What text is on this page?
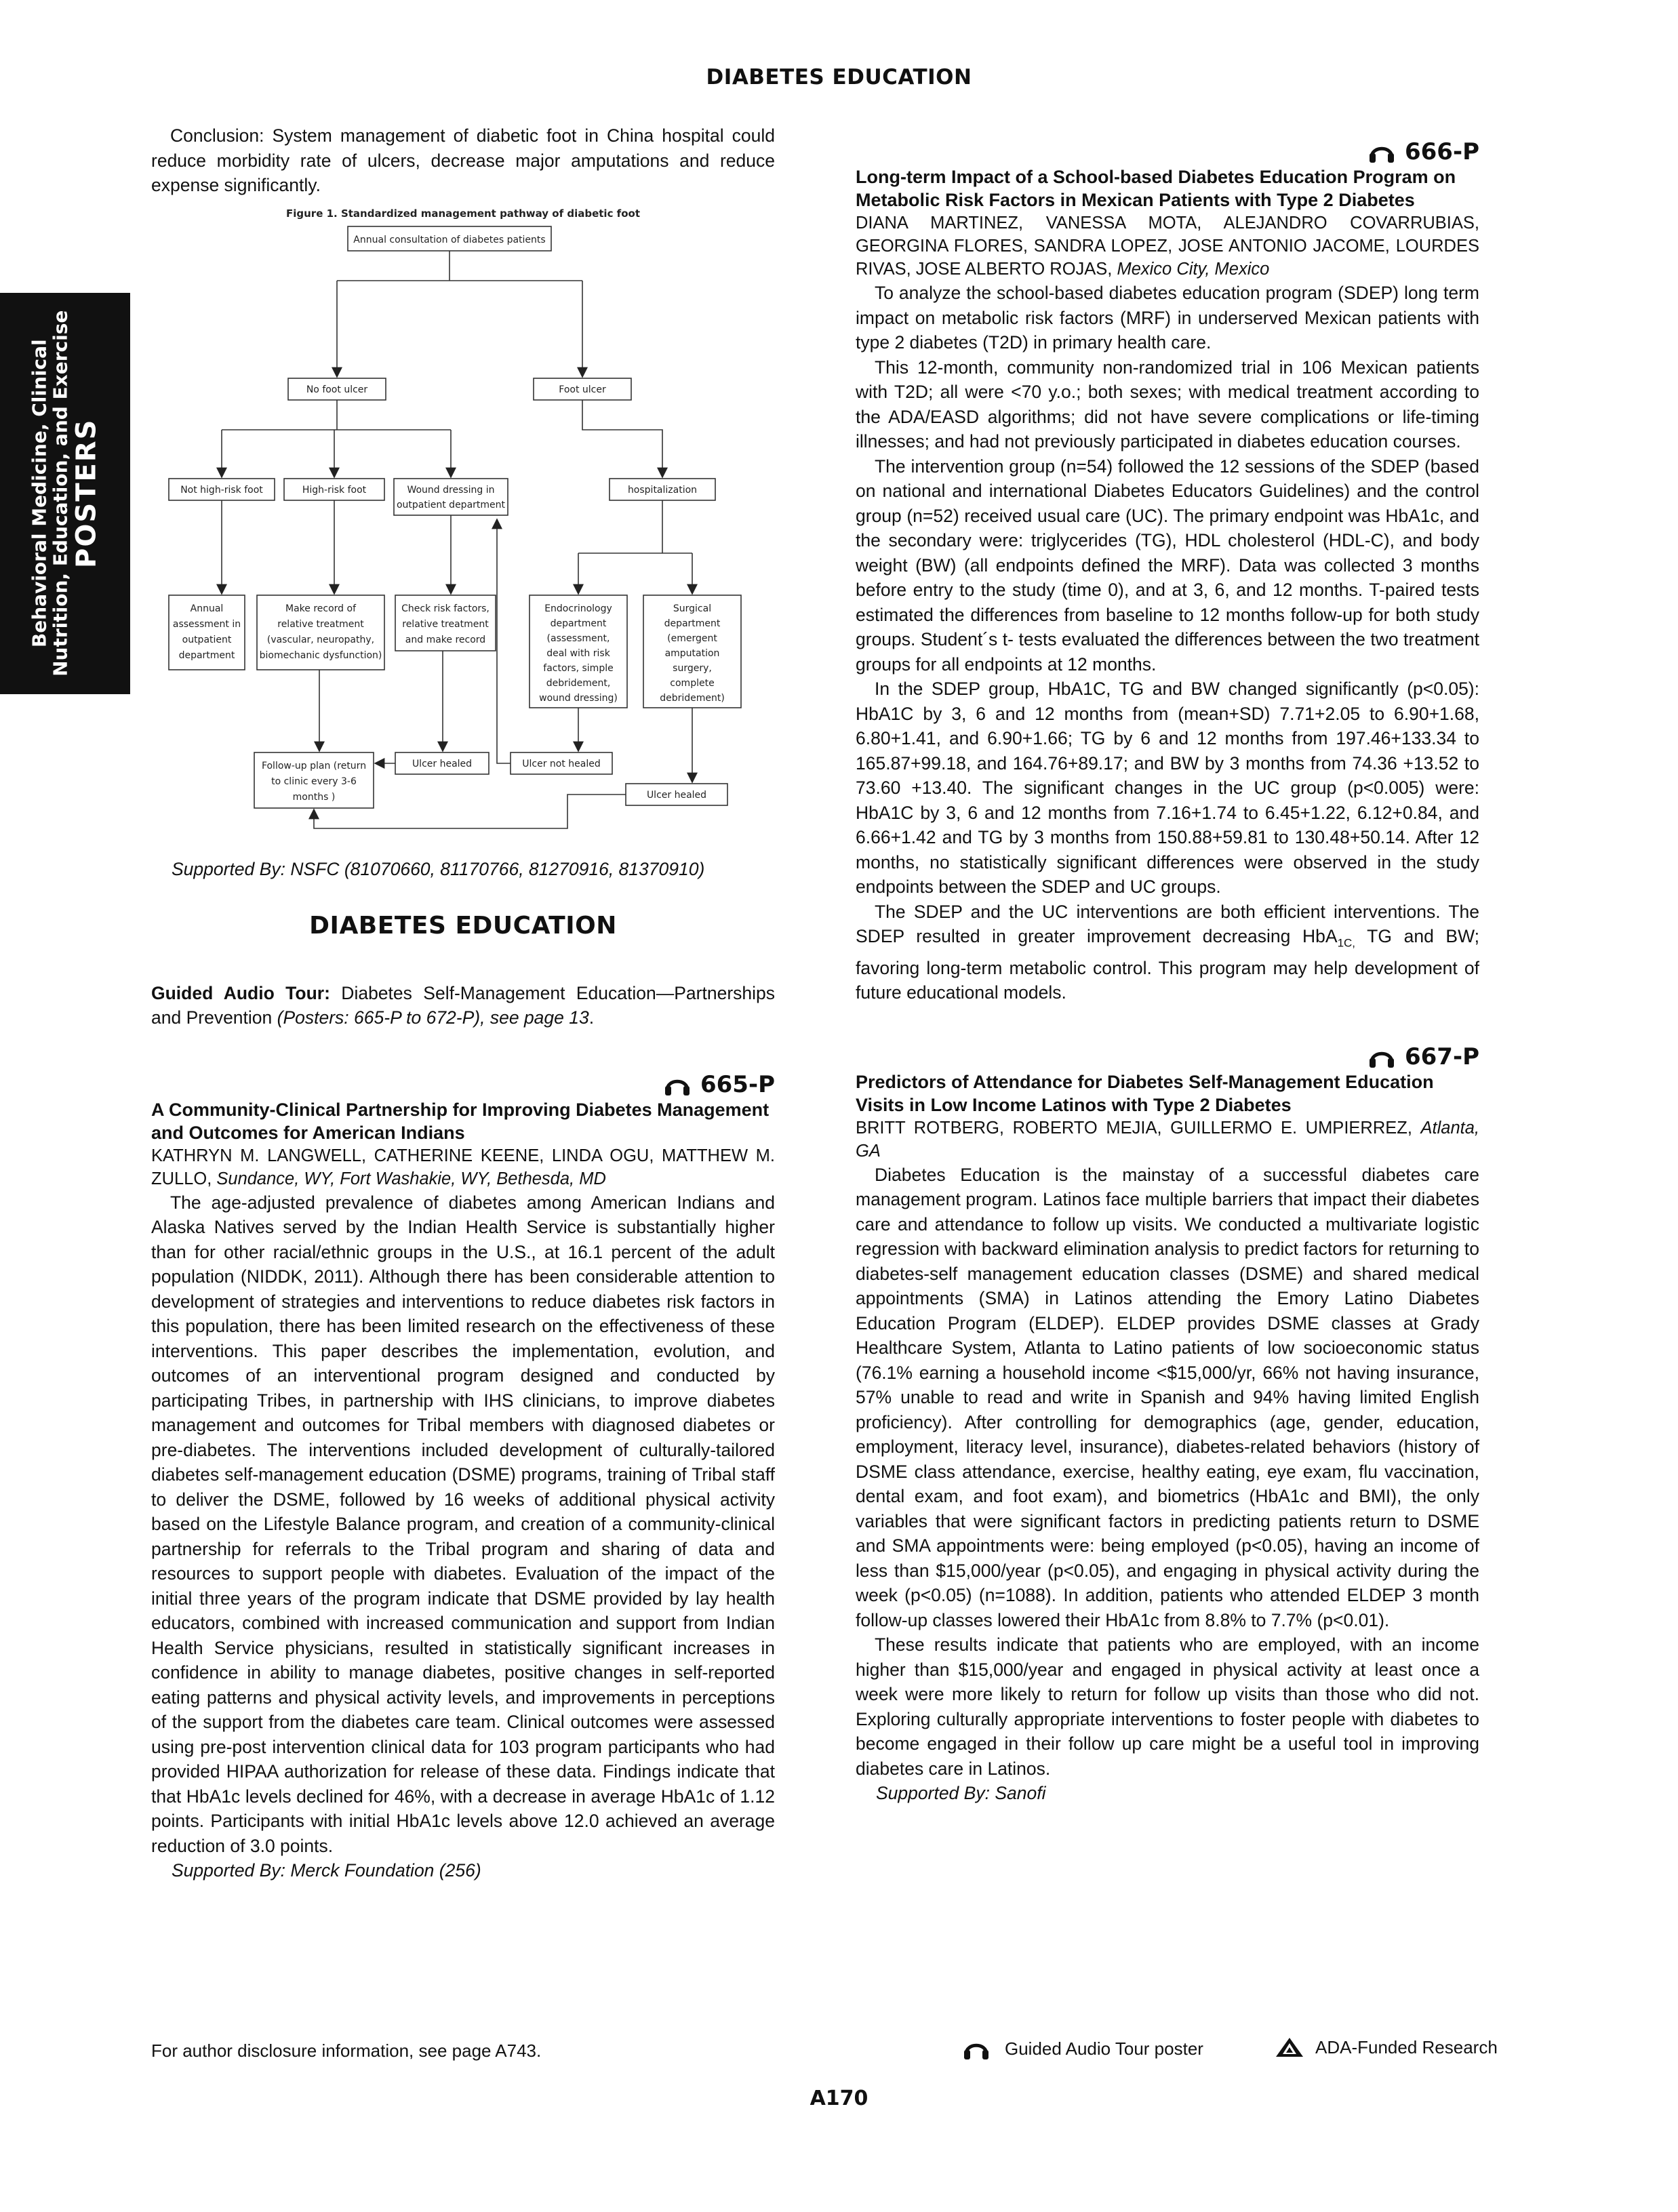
DIABETES EDUCATION
Behavioral Medicine, Clinical
Nutrition, Education, and Exercise
POSTERS

Conclusion: System management of diabetic foot in China hospital could reduce morbidity rate of ulcers, decrease major amputations and reduce expense significantly.

Figure 1. Standardized management pathway of diabetic foot
Annual consultation of diabetes patients
No foot ulcer	Foot ulcer
Not high-risk foot	High-risk foot	Wound dressing in
outpatient department
hospitalization
Annual
assessment in
outpatient
department
Make record of
relative treatment
(vascular, neuropathy,
biomechanic dysfunction)
Check risk factors,
relative treatment
and make record
Endocrinology
department
(assessment,
deal with risk
factors, simple
debridement,
wound dressing)
Surgical
department
(emergent
amputation
surgery,
complete
debridement)
Follow-up plan (return
to clinic every 3-6
months )
Ulcer healed	Ulcer not healed
Ulcer healed

Supported By: NSFC (81070660, 81170766, 81270916, 81370910)

DIABETES EDUCATION

Guided Audio Tour: Diabetes Self-Management Education—Partnerships and Prevention (Posters: 665-P to 672-P), see page 13.

665-P
A Community-Clinical Partnership for Improving Diabetes Management and Outcomes for American Indians
KATHRYN M. LANGWELL, CATHERINE KEENE, LINDA OGU, MATTHEW M. ZULLO, Sundance, WY, Fort Washakie, WY, Bethesda, MD

The age-adjusted prevalence of diabetes among American Indians and Alaska Natives served by the Indian Health Service is substantially higher than for other racial/ethnic groups in the U.S., at 16.1 percent of the adult population (NIDDK, 2011). Although there has been considerable attention to development of strategies and interventions to reduce diabetes risk factors in this population, there has been limited research on the effectiveness of these interventions. This paper describes the implementation, evolution, and outcomes of an interventional program designed and conducted by participating Tribes, in partnership with IHS clinicians, to improve diabetes management and outcomes for Tribal members with diagnosed diabetes or pre-diabetes. The interventions included development of culturally-tailored diabetes self-management education (DSME) programs, training of Tribal staff to deliver the DSME, followed by 16 weeks of additional physical activity based on the Lifestyle Balance program, and creation of a community-clinical partnership for referrals to the Tribal program and sharing of data and resources to support people with diabetes. Evaluation of the impact of the initial three years of the program indicate that DSME provided by lay health educators, combined with increased communication and support from Indian Health Service physicians, resulted in statistically significant increases in confidence in ability to manage diabetes, positive changes in self-reported eating patterns and physical activity levels, and improvements in perceptions of the support from the diabetes care team. Clinical outcomes were assessed using pre-post intervention clinical data for 103 program participants who had provided HIPAA authorization for release of these data. Findings indicate that that HbA1c levels declined for 46%, with a decrease in average HbA1c of 1.12 points. Participants with initial HbA1c levels above 12.0 achieved an average reduction of 3.0 points.

Supported By: Merck Foundation (256)

666-P
Long-term Impact of a School-based Diabetes Education Program on Metabolic Risk Factors in Mexican Patients with Type 2 Diabetes
DIANA MARTINEZ, VANESSA MOTA, ALEJANDRO COVARRUBIAS, GEORGINA FLORES, SANDRA LOPEZ, JOSE ANTONIO JACOME, LOURDES RIVAS, JOSE ALBERTO ROJAS, Mexico City, Mexico

To analyze the school-based diabetes education program (SDEP) long term impact on metabolic risk factors (MRF) in underserved Mexican patients with type 2 diabetes (T2D) in primary health care.

This 12-month, community non-randomized trial in 106 Mexican patients with T2D; all were <70 y.o.; both sexes; with medical treatment according to the ADA/EASD algorithms; did not have severe complications or life-timing illnesses; and had not previously participated in diabetes education courses.

The intervention group (n=54) followed the 12 sessions of the SDEP (based on national and international Diabetes Educators Guidelines) and the control group (n=52) received usual care (UC). The primary endpoint was HbA1c, and the secondary were: triglycerides (TG), HDL cholesterol (HDL-C), and body weight (BW) (all endpoints defined the MRF). Data was collected 3 months before entry to the study (time 0), and at 3, 6, and 12 months. T-paired tests estimated the differences from baseline to 12 months follow-up for both study groups. Student´s t- tests evaluated the differences between the two treatment groups for all endpoints at 12 months.

In the SDEP group, HbA1C, TG and BW changed significantly (p<0.05): HbA1C by 3, 6 and 12 months from (mean+SD) 7.71+2.05 to 6.90+1.68, 6.80+1.41, and 6.90+1.66; TG by 6 and 12 months from 197.46+133.34 to 165.87+99.18, and 164.76+89.17; and BW by 3 months from 74.36 +13.52 to 73.60 +13.40. The significant changes in the UC group (p<0.005) were: HbA1C by 3, 6 and 12 months from 7.16+1.74 to 6.45+1.22, 6.12+0.84, and 6.66+1.42 and TG by 3 months from 150.88+59.81 to 130.48+50.14. After 12 months, no statistically significant differences were observed in the study endpoints between the SDEP and UC groups.

The SDEP and the UC interventions are both efficient interventions. The SDEP resulted in greater improvement decreasing HbA$_{1C,}$ TG and BW; favoring long-term metabolic control. This program may help development of future educational models.

667-P
Predictors of Attendance for Diabetes Self-Management Education Visits in Low Income Latinos with Type 2 Diabetes
BRITT ROTBERG, ROBERTO MEJIA, GUILLERMO E. UMPIERREZ, Atlanta, GA

Diabetes Education is the mainstay of a successful diabetes care management program. Latinos face multiple barriers that impact their diabetes care and attendance to follow up visits. We conducted a multivariate logistic regression with backward elimination analysis to predict factors for returning to diabetes-self management education classes (DSME) and shared medical appointments (SMA) in Latinos attending the Emory Latino Diabetes Education Program (ELDEP). ELDEP provides DSME classes at Grady Healthcare System, Atlanta to Latino patients of low socioeconomic status (76.1% earning a household income <$15,000/yr, 66% not having insurance, 57% unable to read and write in Spanish and 94% having limited English proficiency). After controlling for demographics (age, gender, education, employment, literacy level, insurance), diabetes-related behaviors (history of DSME class attendance, exercise, healthy eating, eye exam, flu vaccination, dental exam, and foot exam), and biometrics (HbA1c and BMI), the only variables that were significant factors in predicting patients return to DSME and SMA appointments were: being employed (p<0.05), having an income of less than $15,000/year (p<0.05), and engaging in physical activity during the week (p<0.05) (n=1088). In addition, patients who attended ELDEP 3 month follow-up classes lowered their HbA1c from 8.8% to 7.7% (p<0.01).

These results indicate that patients who are employed, with an income higher than $15,000/year and engaged in physical activity at least once a week were more likely to return for follow up visits than those who did not. Exploring culturally appropriate interventions to foster people with diabetes to become engaged in their follow up care might be a useful tool in improving diabetes care in Latinos.

Supported By: Sanofi

For author disclosure information, see page A743.	Guided Audio Tour poster	ADA-Funded Research
A170
